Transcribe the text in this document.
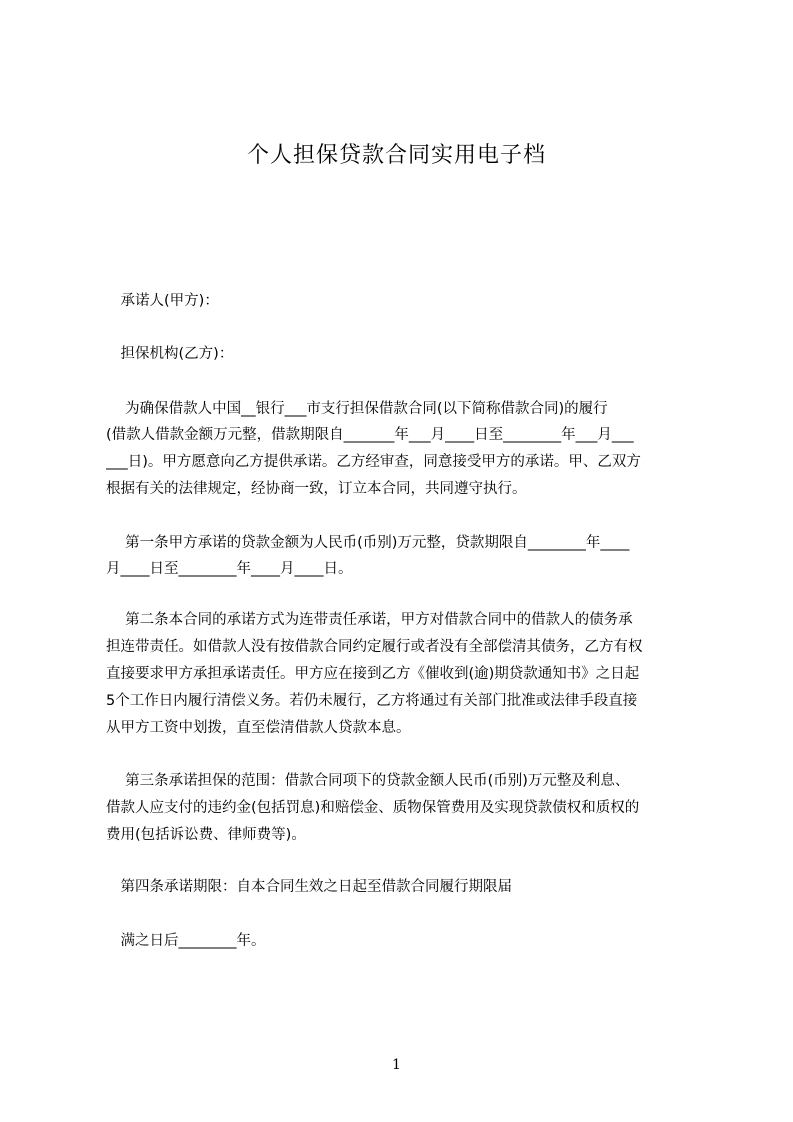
个人担保贷款合同实用电子档
　承诺人(甲方)：
　担保机构(乙方)：
　 为确保借款人中国__银行___市支行担保借款合同(以下简称借款合同)的履行
(借款人借款金额万元整，借款期限自_______年___月____日至________年___月___
___日)。甲方愿意向乙方提供承诺。乙方经审查，同意接受甲方的承诺。甲、乙双方
根据有关的法律规定，经协商一致，订立本合同，共同遵守执行。
　 第一条甲方承诺的贷款金额为人民币(币别)万元整，贷款期限自________年____
月____日至________年____月____日。
　 第二条本合同的承诺方式为连带责任承诺，甲方对借款合同中的借款人的债务承
担连带责任。如借款人没有按借款合同约定履行或者没有全部偿清其债务，乙方有权
直接要求甲方承担承诺责任。甲方应在接到乙方《催收到(逾)期贷款通知书》之日起
5个工作日内履行清偿义务。若仍未履行，乙方将通过有关部门批准或法律手段直接
从甲方工资中划拨，直至偿清借款人贷款本息。
　 第三条承诺担保的范围：借款合同项下的贷款金额人民币(币别)万元整及利息、
借款人应支付的违约金(包括罚息)和赔偿金、质物保管费用及实现贷款债权和质权的
费用(包括诉讼费、律师费等)。
　第四条承诺期限：自本合同生效之日起至借款合同履行期限届
　满之日后________年。
1
